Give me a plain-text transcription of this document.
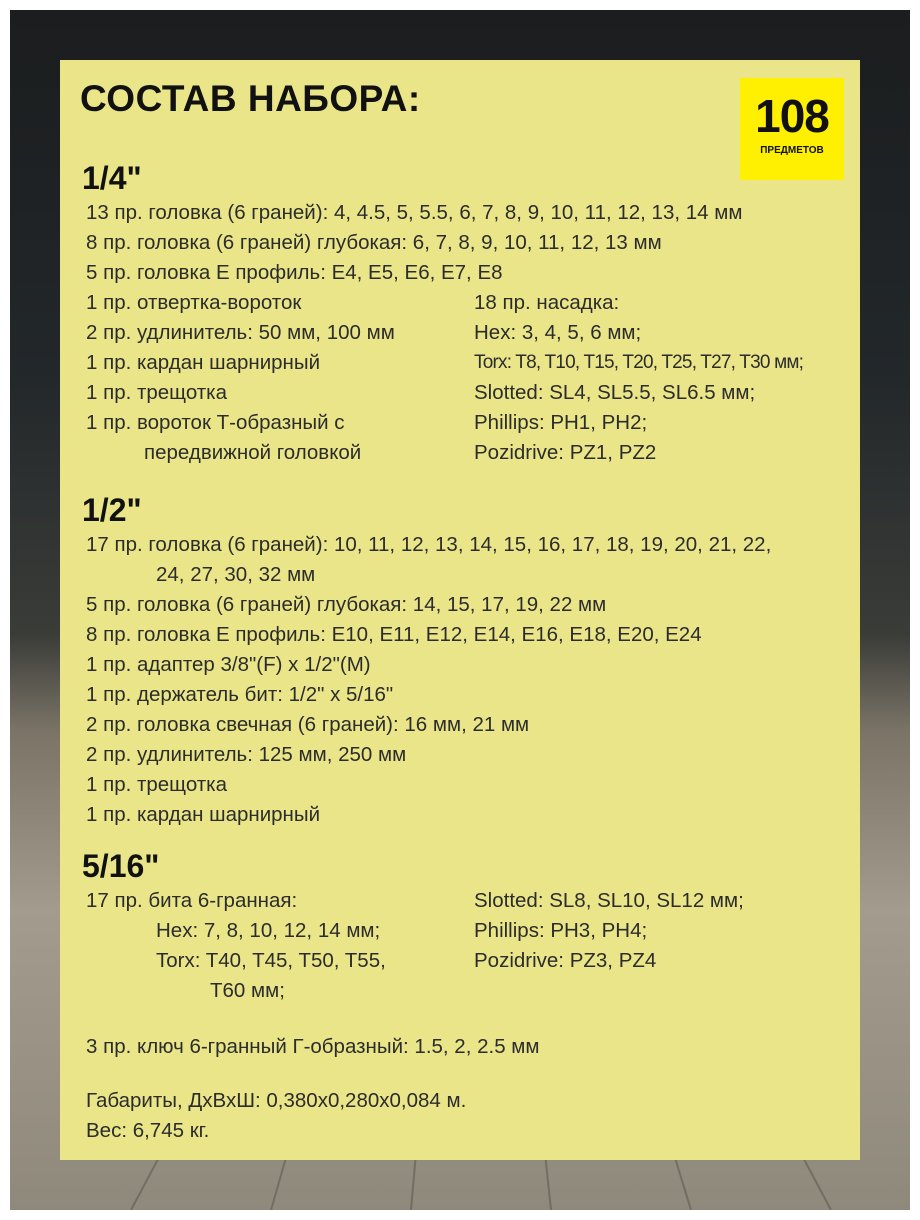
СОСТАВ НАБОРА:	108
ПРЕДМЕТОВ
1/4"
13 пр. головка (6 граней): 4, 4.5, 5, 5.5, 6, 7, 8, 9, 10, 11, 12, 13, 14 мм
8 пр. головка (6 граней) глубокая: 6, 7, 8, 9, 10, 11, 12, 13 мм
5 пр. головка E профиль: E4, E5, E6, E7, E8
1 пр. отвертка-вороток
2 пр. удлинитель: 50 мм, 100 мм
1 пр. кардан шарнирный
1 пр. трещотка
1 пр. вороток Т-образный с
передвижной головкой
18 пр. насадка:
Hex: 3, 4, 5, 6 мм;
Torx: T8, T10, T15, T20, T25, T27, T30 мм;
Slotted: SL4, SL5.5, SL6.5 мм;
Phillips: PH1, PH2;
Pozidrive: PZ1, PZ2
1/2"
17 пр. головка (6 граней): 10, 11, 12, 13, 14, 15, 16, 17, 18, 19, 20, 21, 22,
24, 27, 30, 32 мм
5 пр. головка (6 граней) глубокая: 14, 15, 17, 19, 22 мм
8 пр. головка E профиль: E10, E11, E12, E14, E16, E18, E20, E24
1 пр. адаптер 3/8"(F) х 1/2"(M)
1 пр. держатель бит: 1/2" х 5/16"
2 пр. головка свечная (6 граней): 16 мм, 21 мм
2 пр. удлинитель: 125 мм, 250 мм
1 пр. трещотка
1 пр. кардан шарнирный
5/16"
17 пр. бита 6-гранная:
Hex: 7, 8, 10, 12, 14 мм;
Torx: T40, T45, T50, T55,
T60 мм;
Slotted: SL8, SL10, SL12 мм;
Phillips: PH3, PH4;
Pozidrive: PZ3, PZ4
3 пр. ключ 6-гранный Г-образный: 1.5, 2, 2.5 мм
Габариты, ДхВхШ: 0,380х0,280х0,084 м.
Вес: 6,745 кг.
